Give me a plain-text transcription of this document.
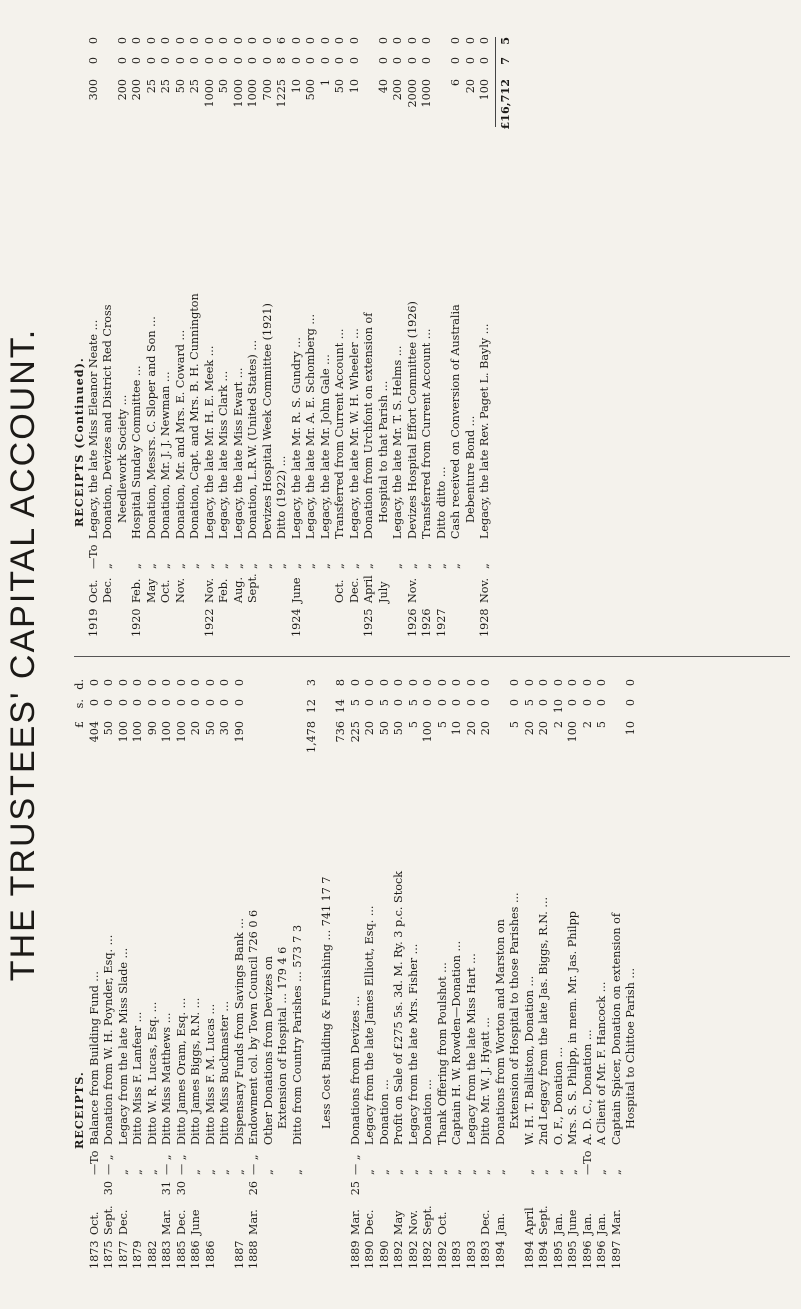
THE TRUSTEES' CAPITAL ACCOUNT.
RECEIPTS.
£
s.
d.
1873
Oct.
—To
Balance from Building Fund ...
404
0
0
1875
Sept.
30
— „
Donation from W. H. Poynder, Esq. ...
50
0
0
1877
Dec.
„
Legacy from the late Miss Slade ...
100
0
0
1879
„
Ditto Miss F. Lanfear ...
100
0
0
1882
„
Ditto W. R. Lucas, Esq. ...
90
0
0
1883
Mar.
31
— „
Ditto Miss Matthews ...
100
0
0
1885
Dec.
30
— „
Ditto James Oram, Esq. ...
100
0
0
1886
June
„
Ditto James Biggs, R.N. ...
20
0
0
1886
„
Ditto Miss F. M. Lucas ...
50
0
0
„
Ditto Miss Buckmaster ...
30
0
0
1887
„
Dispensary Funds from Savings Bank ...
190
0
0
1888
Mar.
26
— „
Endowment col. by Town Council 726 0 6
„
Other Donations from Devizes on Extension of Hospital ... 179 4 6
„
Ditto from Country Parishes ... 573 7 3
1,478
12
3
Less Cost Building & Furnishing ... 741 17 7
736
14
8
1889
Mar.
25
— „
Donations from Devizes ...
225
5
0
1890
Dec.
„
Legacy from the late James Elliott, Esq. ...
20
0
0
1890
„
Donation ...
50
5
0
1892
May
„
Profit on Sale of £275 5s. 3d. M. Ry. 3 p.c. Stock
50
0
0
1892
Nov.
„
Legacy from the late Mrs. Fisher ...
5
5
0
1892
Sept.
„
Donation ...
100
0
0
1892
Oct.
„
Thank Offering from Poulshot ...
5
0
0
1893
„
Captain H. W. Rowden—Donation ...
10
0
0
1893
„
Legacy from the late Miss Hart ...
20
0
0
1893
Dec.
„
Ditto Mr. W. J. Hyatt ...
20
0
0
1894
Jan.
„
Donations from Worton and Marston on Extension of Hospital to those Parishes ...
5
0
0
1894
April
„
W. H. T. Balliston, Donation ...
20
5
0
1894
Sept.
„
2nd Legacy from the late Jas. Biggs, R.N. ...
20
0
0
1895
Jan.
„
O. F., Donation ...
2
10
0
1895
June
„
Mrs. S. S. Philpp, in mem. Mr. Jas. Philpp
100
0
0
1896
Jan.
—To
A. D. C., Donation ...
2
0
0
1896
Jan.
„
A Client of Mr. F. Hancock ...
5
0
0
1897
Mar.
„
Captain Spicer, Donation on extension of Hospital to Chittoe Parish ...
10
0
0
RECEIPTS (Continued).
1919
Oct.
—To
Legacy, the late Miss Eleanor Neate ...
300
0
0
Dec.
„
Donation, Devizes and District Red Cross Needlework Society ...
200
0
0
1920
Feb.
„
Hospital Sunday Committee ...
200
0
0
May
„
Donation, Messrs. C. Sloper and Son ...
25
0
0
Oct.
„
Donation, Mr. J. J. Newman ...
25
0
0
Nov.
„
Donation, Mr. and Mrs. E. Coward ...
50
0
0
„
Donation, Capt. and Mrs. B. H. Cunnington
25
0
0
1922
Nov.
„
Legacy, the late Mr. H. E. Meek ...
1000
0
0
Feb.
„
Legacy, the late Miss Clark ...
50
0
0
Aug.
„
Legacy, the late Miss Ewart ...
1000
0
0
Sept.
„
Donation, L.R.W. (United States) ...
1000
0
0
„
Devizes Hospital Week Committee (1921)
700
0
0
„
Ditto (1922) ...
1225
8
6
1924
June
„
Legacy, the late Mr. R. S. Gundry ...
10
0
0
„
Legacy, the late Mr. A. E. Schomberg ...
500
0
0
„
Legacy, the late Mr. John Gale ...
1
0
0
Oct.
„
Transferred from Current Account ...
50
0
0
Dec.
„
Legacy, the late Mr. W. H. Wheeler ...
10
0
0
1925
April
„
Donation from Urchfont on extension of
July
Hospital to that Parish ...
40
0
0
„
Legacy, the late Mr. T. S. Helms ...
200
0
0
1926
Nov.
„
Devizes Hospital Effort Committee (1926)
2000
0
0
1926
„
Transferred from Current Account ...
1000
0
0
1927
„
Ditto ditto ...
„
Cash received on Conversion of Australia
6
0
0
Debenture Bond ...
20
0
0
1928
Nov.
„
Legacy, the late Rev. Paget L. Bayly ...
100
0
0
£16,712
7
5
